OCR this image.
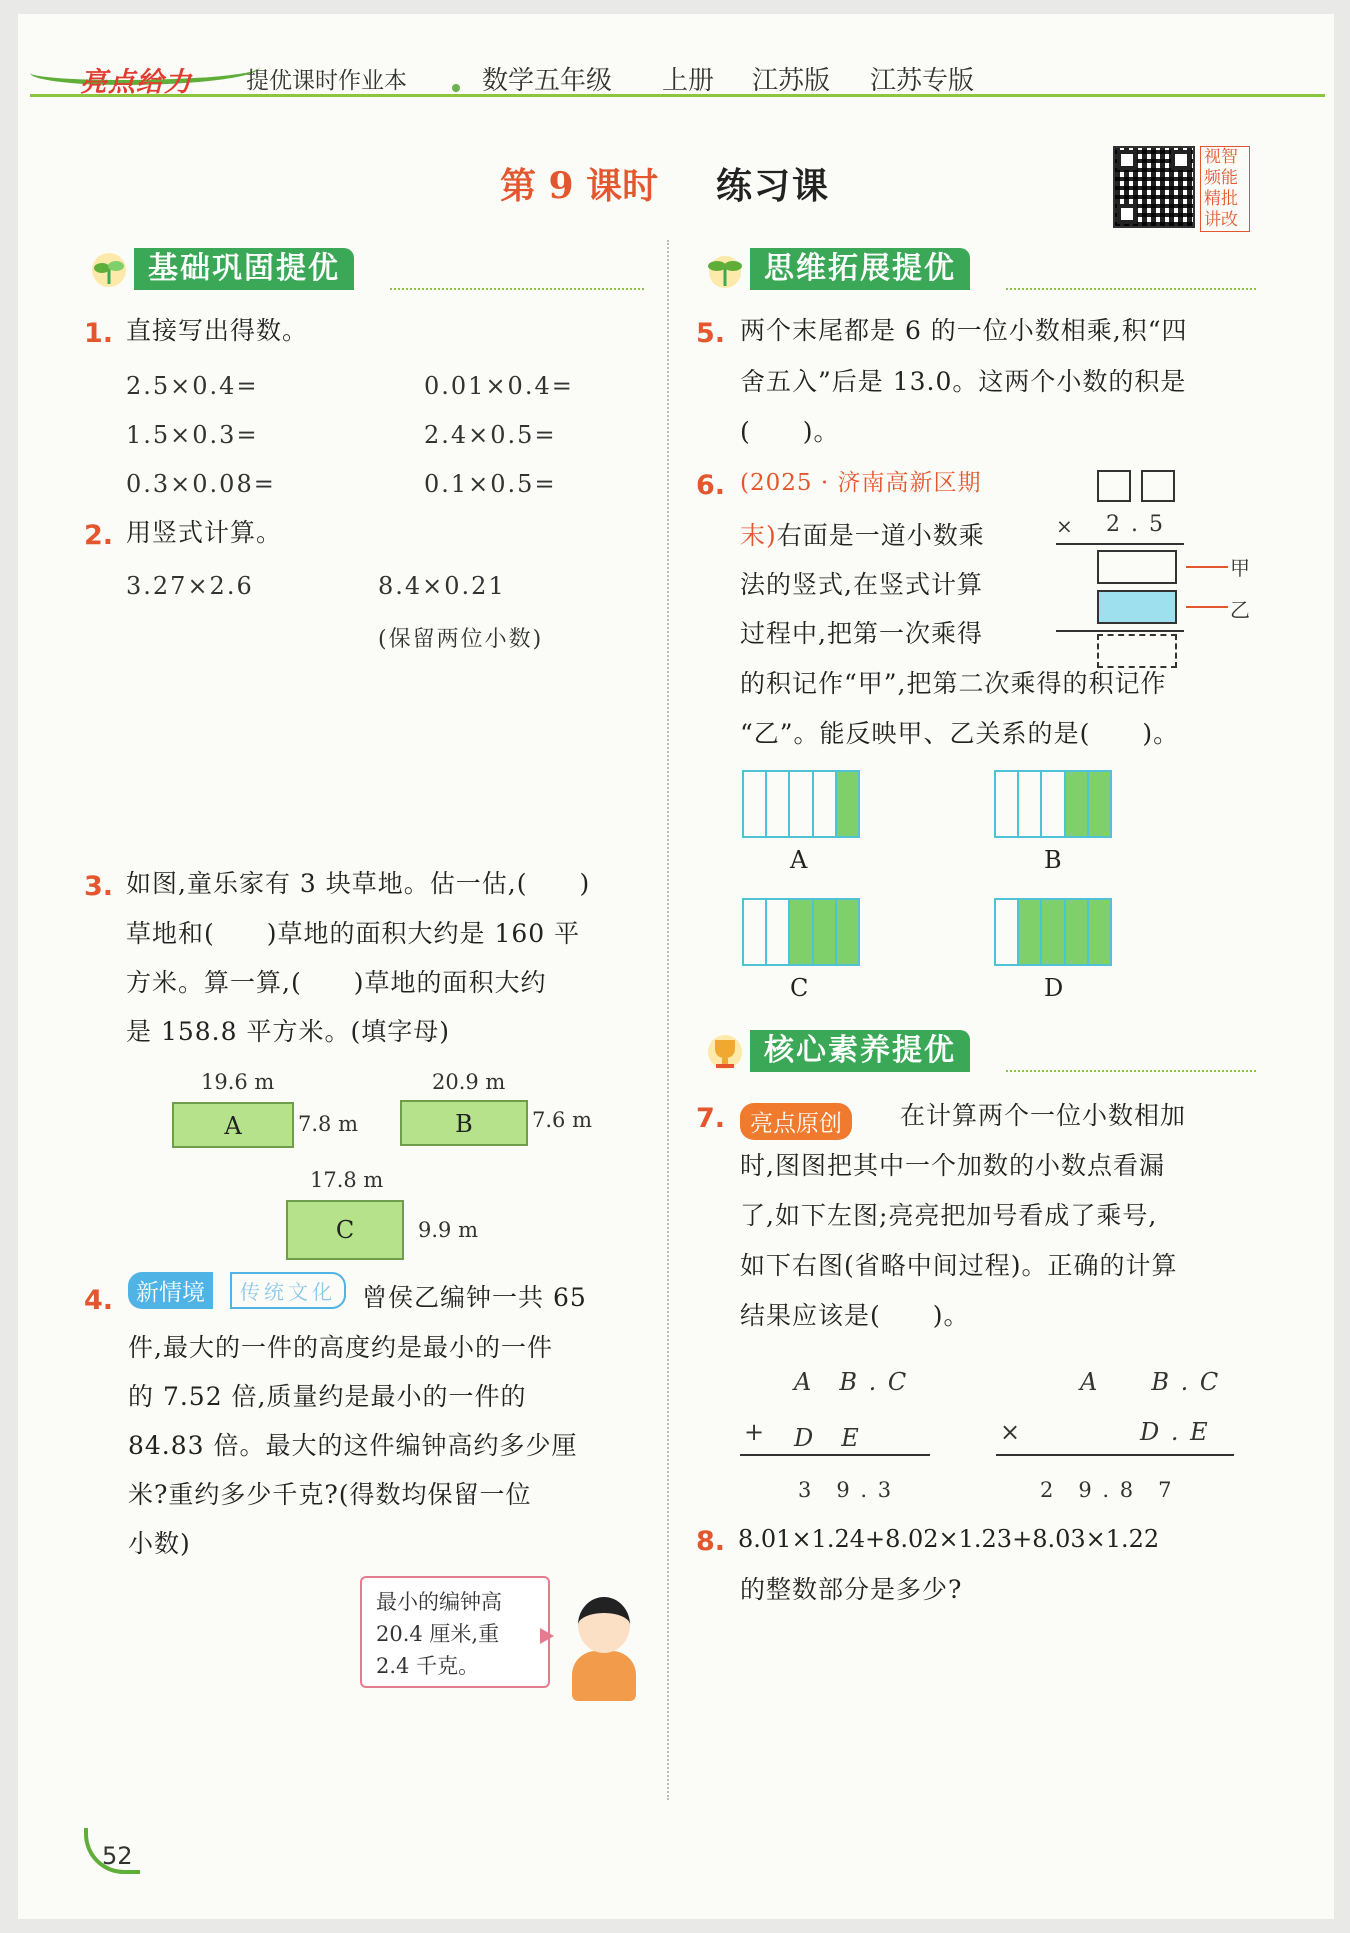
亮点给力 提优课时作业本	数学五年级 上册 江苏版 江苏专版
第 9 课时 练习课
视智频能精批讲改
基础巩固提优
1. 直接写出得数。
2.5×0.4=	0.01×0.4=
1.5×0.3=	2.4×0.5=
0.3×0.08=	0.1×0.5=
2. 用竖式计算。
3.27×2.6	8.4×0.21
(保留两位小数)
3. 如图,童乐家有 3 块草地。估一估,(　　)
草地和(　　)草地的面积大约是 160 平
方米。算一算,(　　)草地的面积大约
是 158.8 平方米。(填字母)
19.6 m
A	7.8 m
20.9 m
B	7.6 m
17.8 m
C	9.9 m
4. 新情境	传统文化	曾侯乙编钟一共 65
件,最大的一件的高度约是最小的一件
的 7.52 倍,质量约是最小的一件的
84.83 倍。最大的这件编钟高约多少厘
米?重约多少千克?(得数均保留一位
小数)
最小的编钟高
20.4 厘米,重
2.4 千克。
思维拓展提优
5. 两个末尾都是 6 的一位小数相乘,积“四
舍五入”后是 13.0。这两个小数的积是
(　　)。
6. (2025 · 济南高新区期
末)右面是一道小数乘
法的竖式,在竖式计算
过程中,把第一次乘得
的积记作“甲”,把第二次乘得的积记作
“乙”。能反映甲、乙关系的是(　　)。
× 2 . 5
甲
乙
A	B
C	D
核心素养提优
7.	亮点原创	在计算两个一位小数相加
时,图图把其中一个加数的小数点看漏
了,如下左图;亮亮把加号看成了乘号,
如下右图(省略中间过程)。正确的计算
结果应该是(　　)。
A　B . C
+ D　E
3　9 . 3
A　　B . C
×	D . E
2　9 . 8　7
8. 8.01×1.24+8.02×1.23+8.03×1.22
的整数部分是多少?
52
